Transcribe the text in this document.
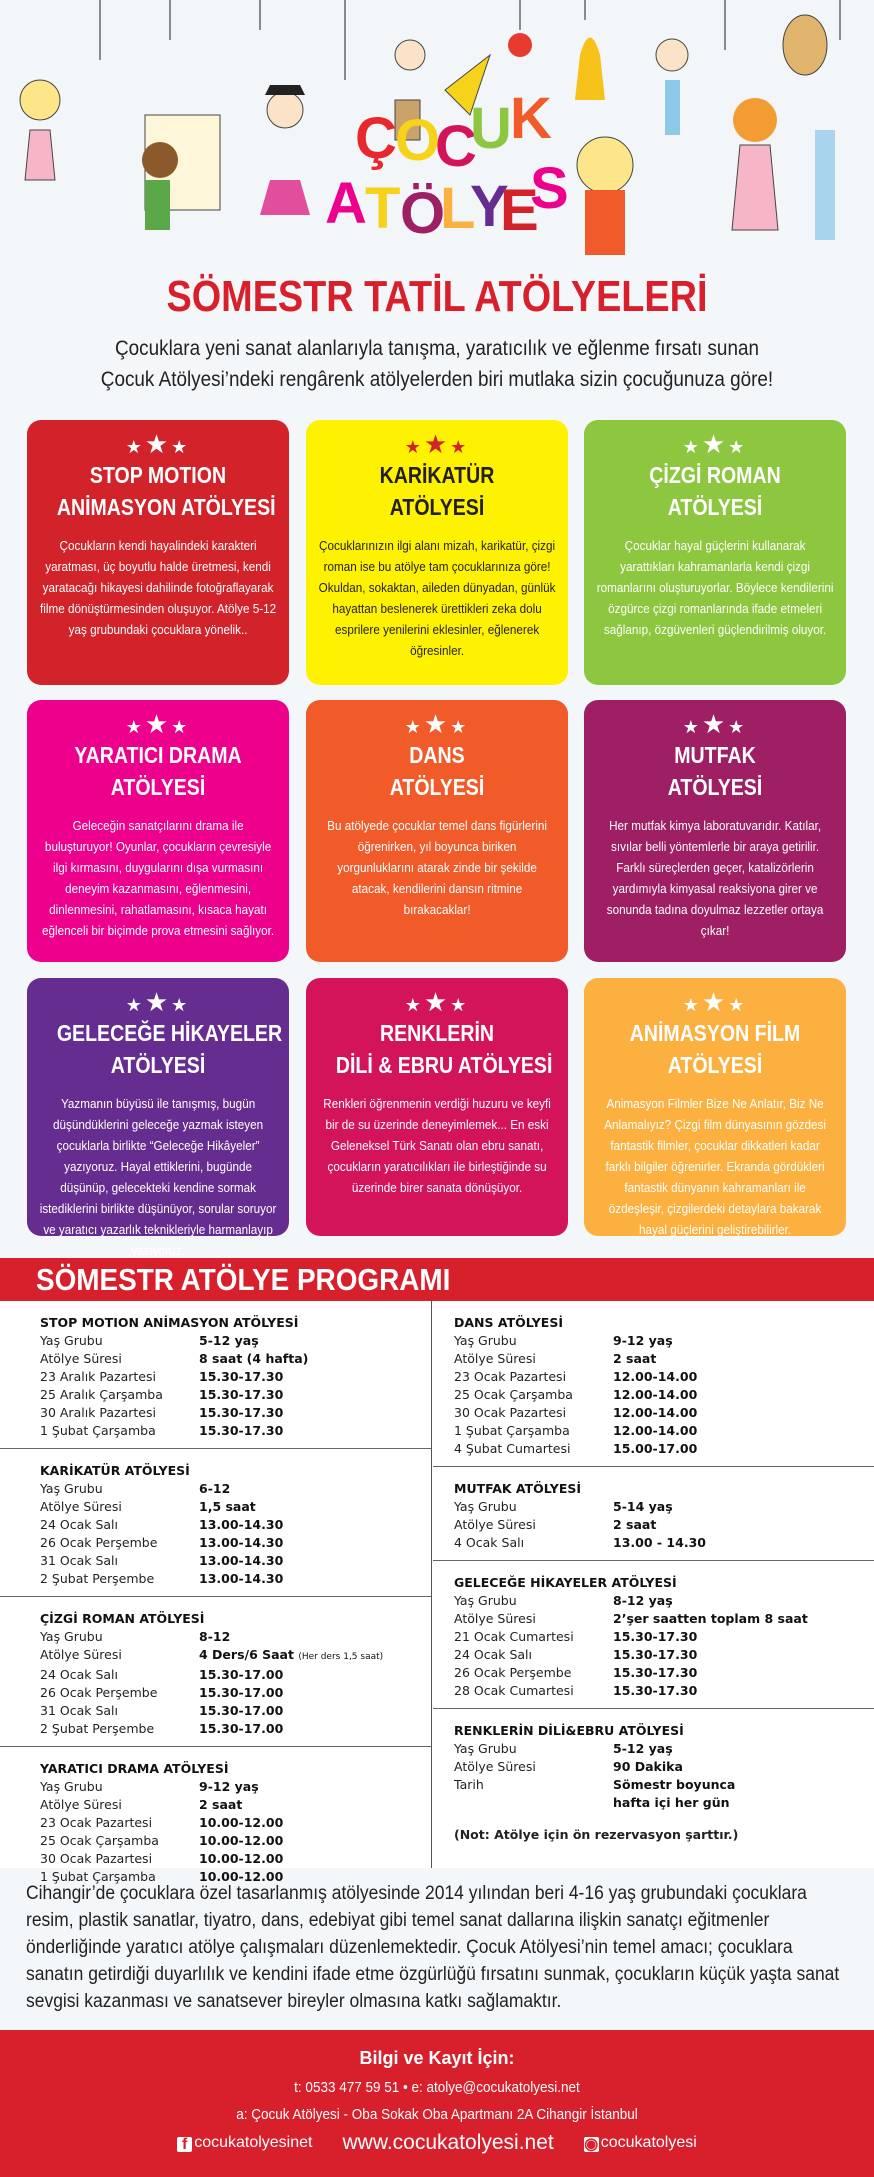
Ç
O
C
U
K
A
T Ö
L
Y
E
S
SÖMESTR TATİL ATÖLYELERİ
Çocuklara yeni sanat alanlarıyla tanışma, yaratıcılık ve eğlenme fırsatı sunan
Çocuk Atölyesi’ndeki rengârenk atölyelerden biri mutlaka sizin çocuğunuza göre!
★★★
STOP MOTION
ANİMASYON ATÖLYESİ

Çocukların kendi hayalindeki karakteri yaratması, üç boyutlu halde üretmesi, kendi yaratacağı hikayesi dahilinde fotoğraflayarak filme dönüştürmesinden oluşuyor. Atölye 5-12 yaş grubundaki çocuklara yönelik..

★★★
KARİKATÜR
ATÖLYESİ

Çocuklarınızın ilgi alanı mizah, karikatür, çizgi roman ise bu atölye tam çocuklarınıza göre! Okuldan, sokaktan, aileden dünyadan, günlük hayattan beslenerek ürettikleri zeka dolu esprilere yenilerini eklesinler, eğlenerek öğresinler.

★★★
ÇİZGİ ROMAN
ATÖLYESİ

Çocuklar hayal güçlerini kullanarak yarattıkları kahramanlarla kendi çizgi romanlarını oluşturuyorlar. Böylece kendilerini özgürce çizgi romanlarında ifade etmeleri sağlanıp, özgüvenleri güçlendirilmiş oluyor.

★★★
YARATICI DRAMA
ATÖLYESİ

Geleceğin sanatçılarını drama ile buluşturuyor! Oyunlar, çocukların çevresiyle ilgi kırmasını, duygularını dışa vurmasını deneyim kazanmasını, eğlenmesini, dinlenmesini, rahatlamasını, kısaca hayatı eğlenceli bir biçimde prova etmesini sağlıyor.

★★★
DANS
ATÖLYESİ

Bu atölyede çocuklar temel dans figürlerini öğrenirken, yıl boyunca biriken yorgunluklarını atarak zinde bir şekilde atacak, kendilerini dansın ritmine bırakacaklar!

★★★
MUTFAK
ATÖLYESİ

Her mutfak kimya laboratuvarıdır. Katılar, sıvılar belli yöntemlerle bir araya getirilir. Farklı süreçlerden geçer, katalizörlerin yardımıyla kimyasal reaksiyona girer ve sonunda tadına doyulmaz lezzetler ortaya çıkar!

★★★
GELECEĞE HİKAYELER
ATÖLYESİ

Yazmanın büyüsü ile tanışmış, bugün düşündüklerini geleceğe yazmak isteyen çocuklarla birlikte “Geleceğe Hikâyeler” yazıyoruz. Hayal ettiklerini, bugünde düşünüp, gelecekteki kendine sormak istediklerini birlikte düşünüyor, sorular soruyor ve yaratıcı yazarlık teknikleriyle harmanlayıp yazıyoruz.

★★★
RENKLERİN
DİLİ & EBRU ATÖLYESİ

Renkleri öğrenmenin verdiği huzuru ve keyfi bir de su üzerinde deneyimlemek... En eski Geleneksel Türk Sanatı olan ebru sanatı, çocukların yaratıcılıkları ile birleştiğinde su üzerinde birer sanata dönüşüyor.

★★★
ANİMASYON FİLM
ATÖLYESİ

Animasyon Filmler Bize Ne Anlatır, Biz Ne Anlamalıyız? Çizgi film dünyasının gözdesi fantastik filmler, çocuklar dikkatleri kadar farklı bilgiler öğrenirler. Ekranda gördükleri fantastik dünyanın kahramanları ile özdeşleşir, çizgilerdeki detaylara bakarak hayal güçlerini geliştirebilirler.

SÖMESTR ATÖLYE PROGRAMI
STOP MOTION ANİMASYON ATÖLYESİ
Yaş Grubu	5-12 yaş
Atölye Süresi	8 saat (4 hafta)
23 Aralık Pazartesi	15.30-17.30
25 Aralık Çarşamba	15.30-17.30
30 Aralık Pazartesi	15.30-17.30
1 Şubat Çarşamba	15.30-17.30
KARİKATÜR ATÖLYESİ
Yaş Grubu	6-12
Atölye Süresi	1,5 saat
24 Ocak Salı	13.00-14.30
26 Ocak Perşembe	13.00-14.30
31 Ocak Salı	13.00-14.30
2 Şubat Perşembe	13.00-14.30
ÇİZGİ ROMAN ATÖLYESİ
Yaş Grubu	8-12
Atölye Süresi	4 Ders/6 Saat (Her ders 1,5 saat)
24 Ocak Salı	15.30-17.00
26 Ocak Perşembe	15.30-17.00
31 Ocak Salı	15.30-17.00
2 Şubat Perşembe	15.30-17.00
YARATICI DRAMA ATÖLYESİ
Yaş Grubu	9-12 yaş
Atölye Süresi	2 saat
23 Ocak Pazartesi	10.00-12.00
25 Ocak Çarşamba	10.00-12.00
30 Ocak Pazartesi	10.00-12.00
1 Şubat Çarşamba	10.00-12.00
DANS ATÖLYESİ
Yaş Grubu	9-12 yaş
Atölye Süresi	2 saat
23 Ocak Pazartesi	12.00-14.00
25 Ocak Çarşamba	12.00-14.00
30 Ocak Pazartesi	12.00-14.00
1 Şubat Çarşamba	12.00-14.00
4 Şubat Cumartesi	15.00-17.00
MUTFAK ATÖLYESİ
Yaş Grubu	5-14 yaş
Atölye Süresi	2 saat
4 Ocak Salı	13.00 - 14.30
GELECEĞE HİKAYELER ATÖLYESİ
Yaş Grubu	8-12 yaş
Atölye Süresi	2’şer saatten toplam 8 saat
21 Ocak Cumartesi	15.30-17.30
24 Ocak Salı	15.30-17.30
26 Ocak Perşembe	15.30-17.30
28 Ocak Cumartesi	15.30-17.30
RENKLERİN DİLİ&EBRU ATÖLYESİ
Yaş Grubu	5-12 yaş
Atölye Süresi	90 Dakika
Tarih	Sömestr boyunca
hafta içi her gün
(Not: Atölye için ön rezervasyon şarttır.)
Cihangir’de çocuklara özel tasarlanmış atölyesinde 2014 yılından beri 4-16 yaş grubundaki çocuklara resim, plastik sanatlar, tiyatro, dans, edebiyat gibi temel sanat dallarına ilişkin sanatçı eğitmenler önderliğinde yaratıcı atölye çalışmaları düzenlemektedir. Çocuk Atölyesi’nin temel amacı; çocuklara sanatın getirdiği duyarlılık ve kendini ifade etme özgürlüğü fırsatını sunmak, çocukların küçük yaşta sanat sevgisi kazanması ve sanatsever bireyler olmasına katkı sağlamaktır.
Bilgi ve Kayıt İçin:
t: 0533 477 59 51 • e: atolye@cocukatolyesi.net
a: Çocuk Atölyesi - Oba Sokak Oba Apartmanı 2A Cihangir İstanbul
f cocukatolyesinet www.cocukatolyesi.net ◉ cocukatolyesi
